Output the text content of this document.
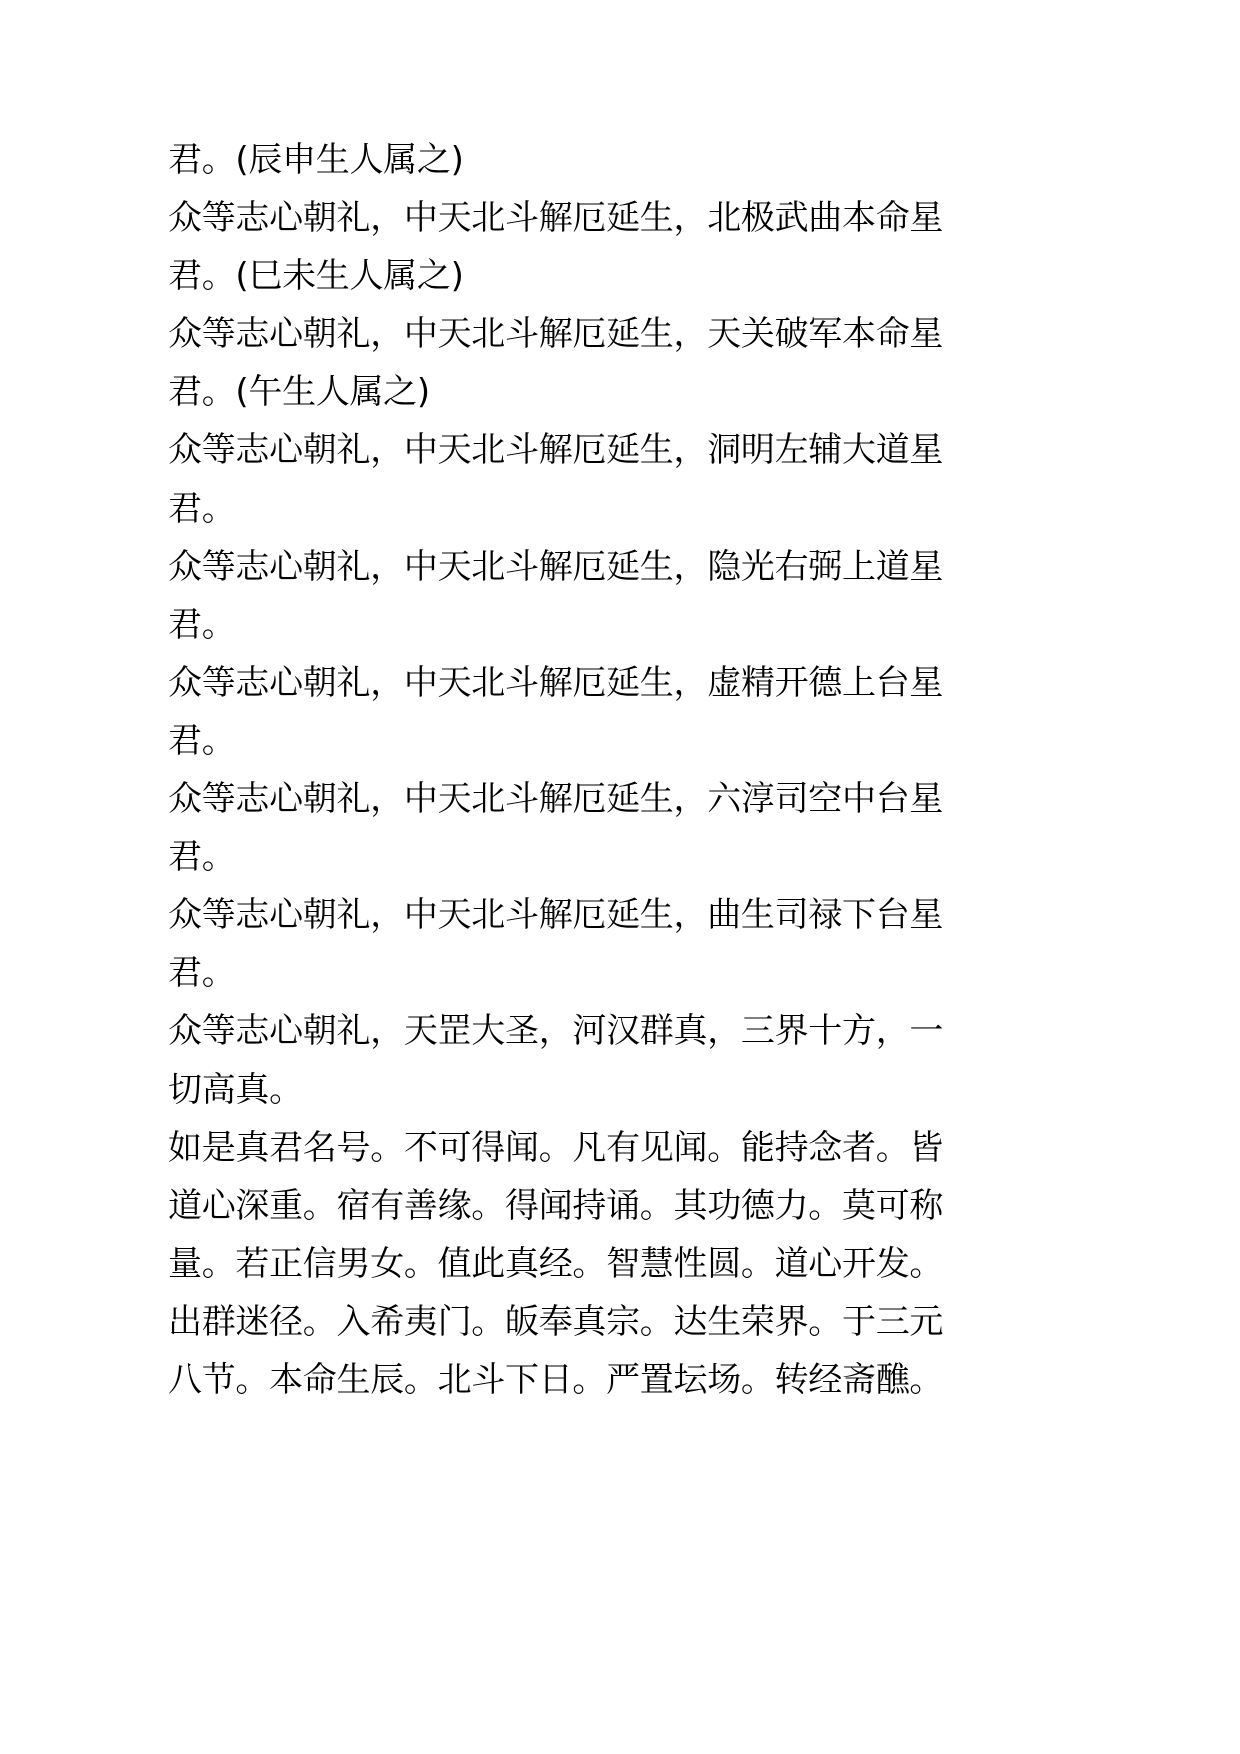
君。(辰申生人属之)
众等志心朝礼，中天北斗解厄延生，北极武曲本命星
君。(巳未生人属之)
众等志心朝礼，中天北斗解厄延生，天关破军本命星
君。(午生人属之)
众等志心朝礼，中天北斗解厄延生，洞明左辅大道星
君。
众等志心朝礼，中天北斗解厄延生，隐光右弼上道星
君。
众等志心朝礼，中天北斗解厄延生，虚精开德上台星
君。
众等志心朝礼，中天北斗解厄延生，六淳司空中台星
君。
众等志心朝礼，中天北斗解厄延生，曲生司禄下台星
君。
众等志心朝礼，天罡大圣，河汉群真，三界十方，一
切高真。
如是真君名号。不可得闻。凡有见闻。能持念者。皆
道心深重。宿有善缘。得闻持诵。其功德力。莫可称
量。若正信男女。值此真经。智慧性圆。道心开发。
出群迷径。入希夷门。皈奉真宗。达生荣界。于三元
八节。本命生辰。北斗下日。严置坛场。转经斋醮。
